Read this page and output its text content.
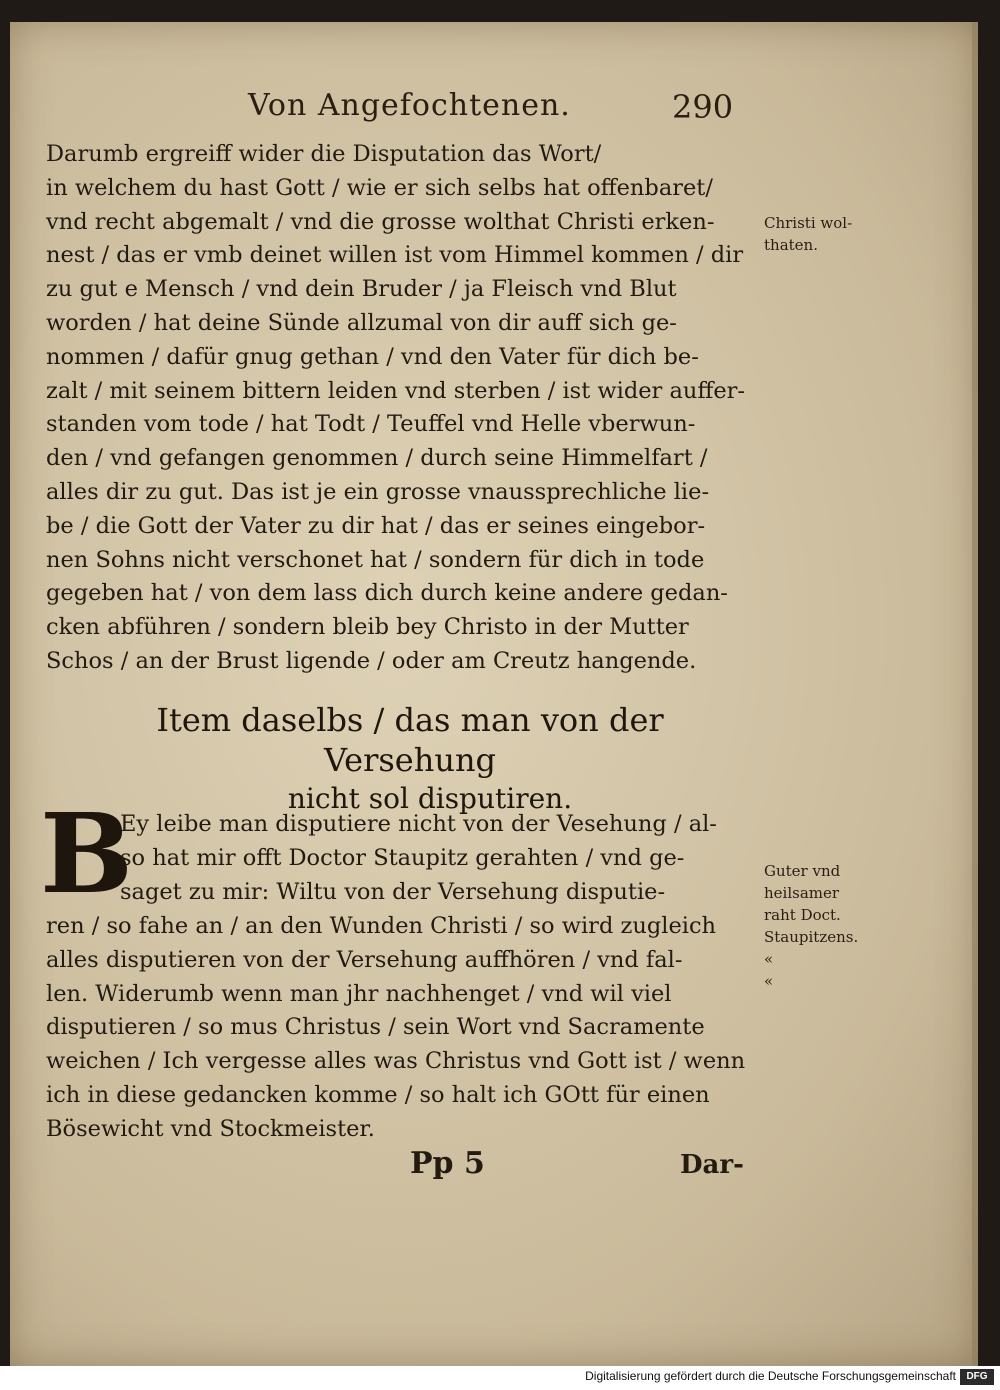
Von Angefochtenen.	290
Darumb ergreiff wider die Disputation das Wort/
in welchem du hast Gott / wie er sich selbs hat offenbaret/
vnd recht abgemalt / vnd die grosse wolthat Christi erken-
nest / das er vmb deinet willen ist vom Himmel kommen / dir
zu gut e Mensch / vnd dein Bruder / ja Fleisch vnd Blut
worden / hat deine Sünde allzumal von dir auff sich ge-
nommen / dafür gnug gethan / vnd den Vater für dich be-
zalt / mit seinem bittern leiden vnd sterben / ist wider auffer-
standen vom tode / hat Todt / Teuffel vnd Helle vberwun-
den / vnd gefangen genommen / durch seine Himmelfart /
alles dir zu gut. Das ist je ein grosse vnaussprechliche lie-
be / die Gott der Vater zu dir hat / das er seines eingebor-
nen Sohns nicht verschonet hat / sondern für dich in tode
gegeben hat / von dem lass dich durch keine andere gedan-
cken abführen / sondern bleib bey Christo in der Mutter
Schos / an der Brust ligende / oder am Creutz hangende.
Christi wol-
thaten.
Item daselbs / das man von der Versehung
nicht sol disputiren.
B
Ey leibe man disputiere nicht von der Vesehung / al-
so hat mir offt Doctor Staupitz gerahten / vnd ge-
saget zu mir: Wiltu von der Versehung disputie-
ren / so fahe an / an den Wunden Christi / so wird zugleich
alles disputieren von der Versehung auffhören / vnd fal-
len. Widerumb wenn man jhr nachhenget / vnd wil viel
disputieren / so mus Christus / sein Wort vnd Sacramente
weichen / Ich vergesse alles was Christus vnd Gott ist / wenn
ich in diese gedancken komme / so halt ich GOtt für einen
Bösewicht vnd Stockmeister.
Guter vnd
heilsamer
raht Doct.
Staupitzens.
«
«
Pp 5	Dar-
Digitalisierung gefördert durch die Deutsche Forschungsgemeinschaft	DFG
